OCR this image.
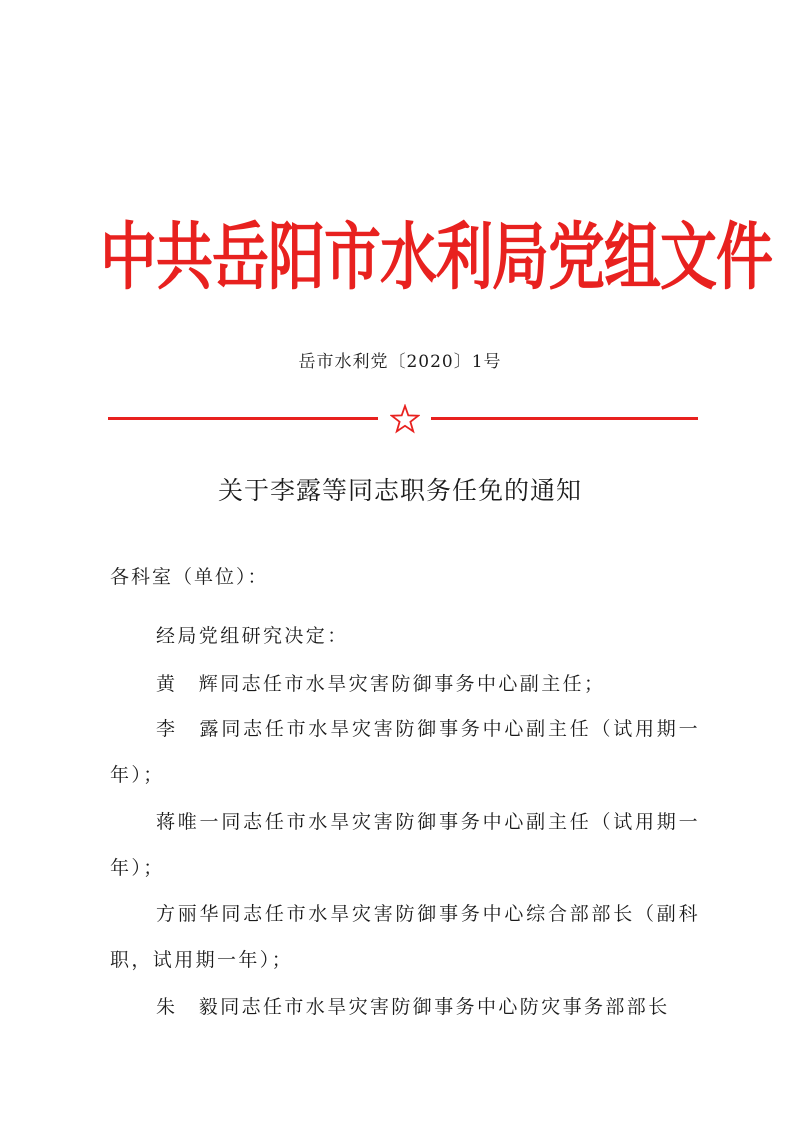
中共岳阳市水利局党组文件
岳市水利党〔2020〕1号
关于李露等同志职务任免的通知
各科室（单位）：
经局党组研究决定：
黄　辉同志任市水旱灾害防御事务中心副主任；
李　露同志任市水旱灾害防御事务中心副主任（试用期一年）；
蒋唯一同志任市水旱灾害防御事务中心副主任（试用期一年）；
方丽华同志任市水旱灾害防御事务中心综合部部长（副科职，试用期一年）；
朱　毅同志任市水旱灾害防御事务中心防灾事务部部长
